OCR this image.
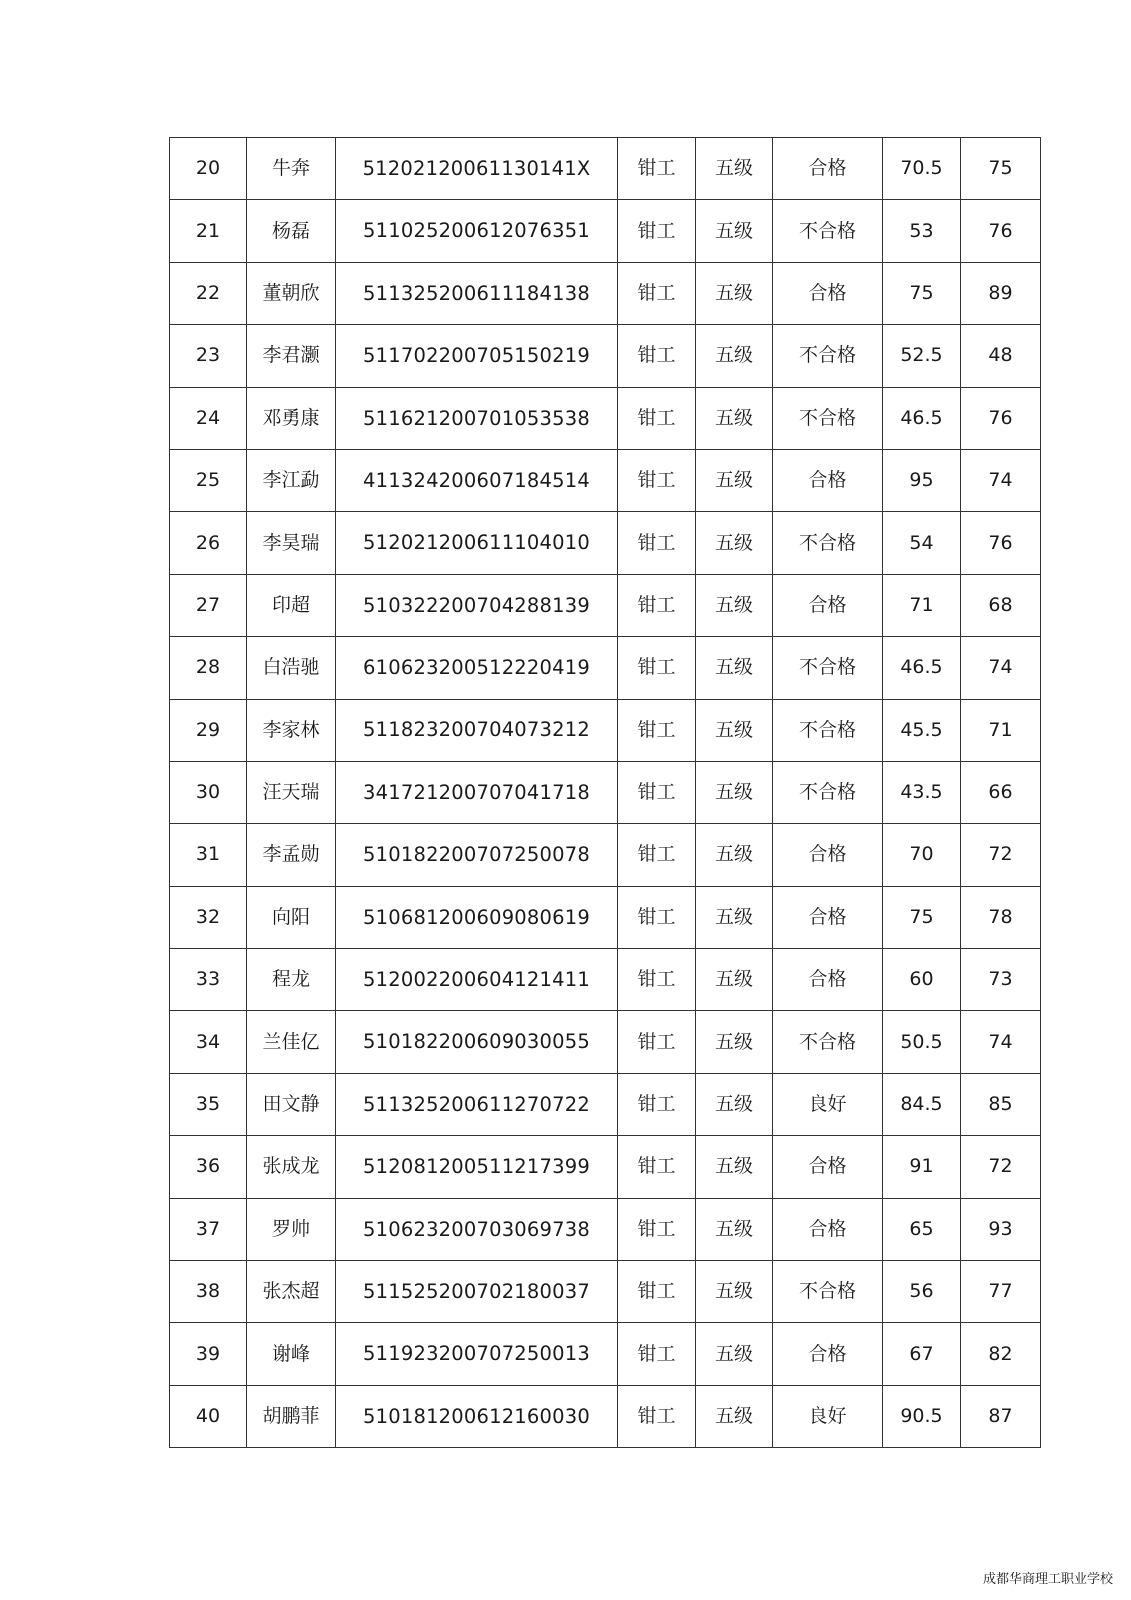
20	牛奔	51202120061130141X	钳工	五级	合格	70.5	75
21	杨磊	511025200612076351	钳工	五级	不合格	53	76
22	董朝欣	511325200611184138	钳工	五级	合格	75	89
23	李君灏	511702200705150219	钳工	五级	不合格	52.5	48
24	邓勇康	511621200701053538	钳工	五级	不合格	46.5	76
25	李江勐	411324200607184514	钳工	五级	合格	95	74
26	李昊瑞	512021200611104010	钳工	五级	不合格	54	76
27	印超	510322200704288139	钳工	五级	合格	71	68
28	白浩驰	610623200512220419	钳工	五级	不合格	46.5	74
29	李家林	511823200704073212	钳工	五级	不合格	45.5	71
30	汪天瑞	341721200707041718	钳工	五级	不合格	43.5	66
31	李孟勋	510182200707250078	钳工	五级	合格	70	72
32	向阳	510681200609080619	钳工	五级	合格	75	78
33	程龙	512002200604121411	钳工	五级	合格	60	73
34	兰佳亿	510182200609030055	钳工	五级	不合格	50.5	74
35	田文静	511325200611270722	钳工	五级	良好	84.5	85
36	张成龙	512081200511217399	钳工	五级	合格	91	72
37	罗帅	510623200703069738	钳工	五级	合格	65	93
38	张杰超	511525200702180037	钳工	五级	不合格	56	77
39	谢峰	511923200707250013	钳工	五级	合格	67	82
40	胡鹏菲	510181200612160030	钳工	五级	良好	90.5	87
成都华商理工职业学校
